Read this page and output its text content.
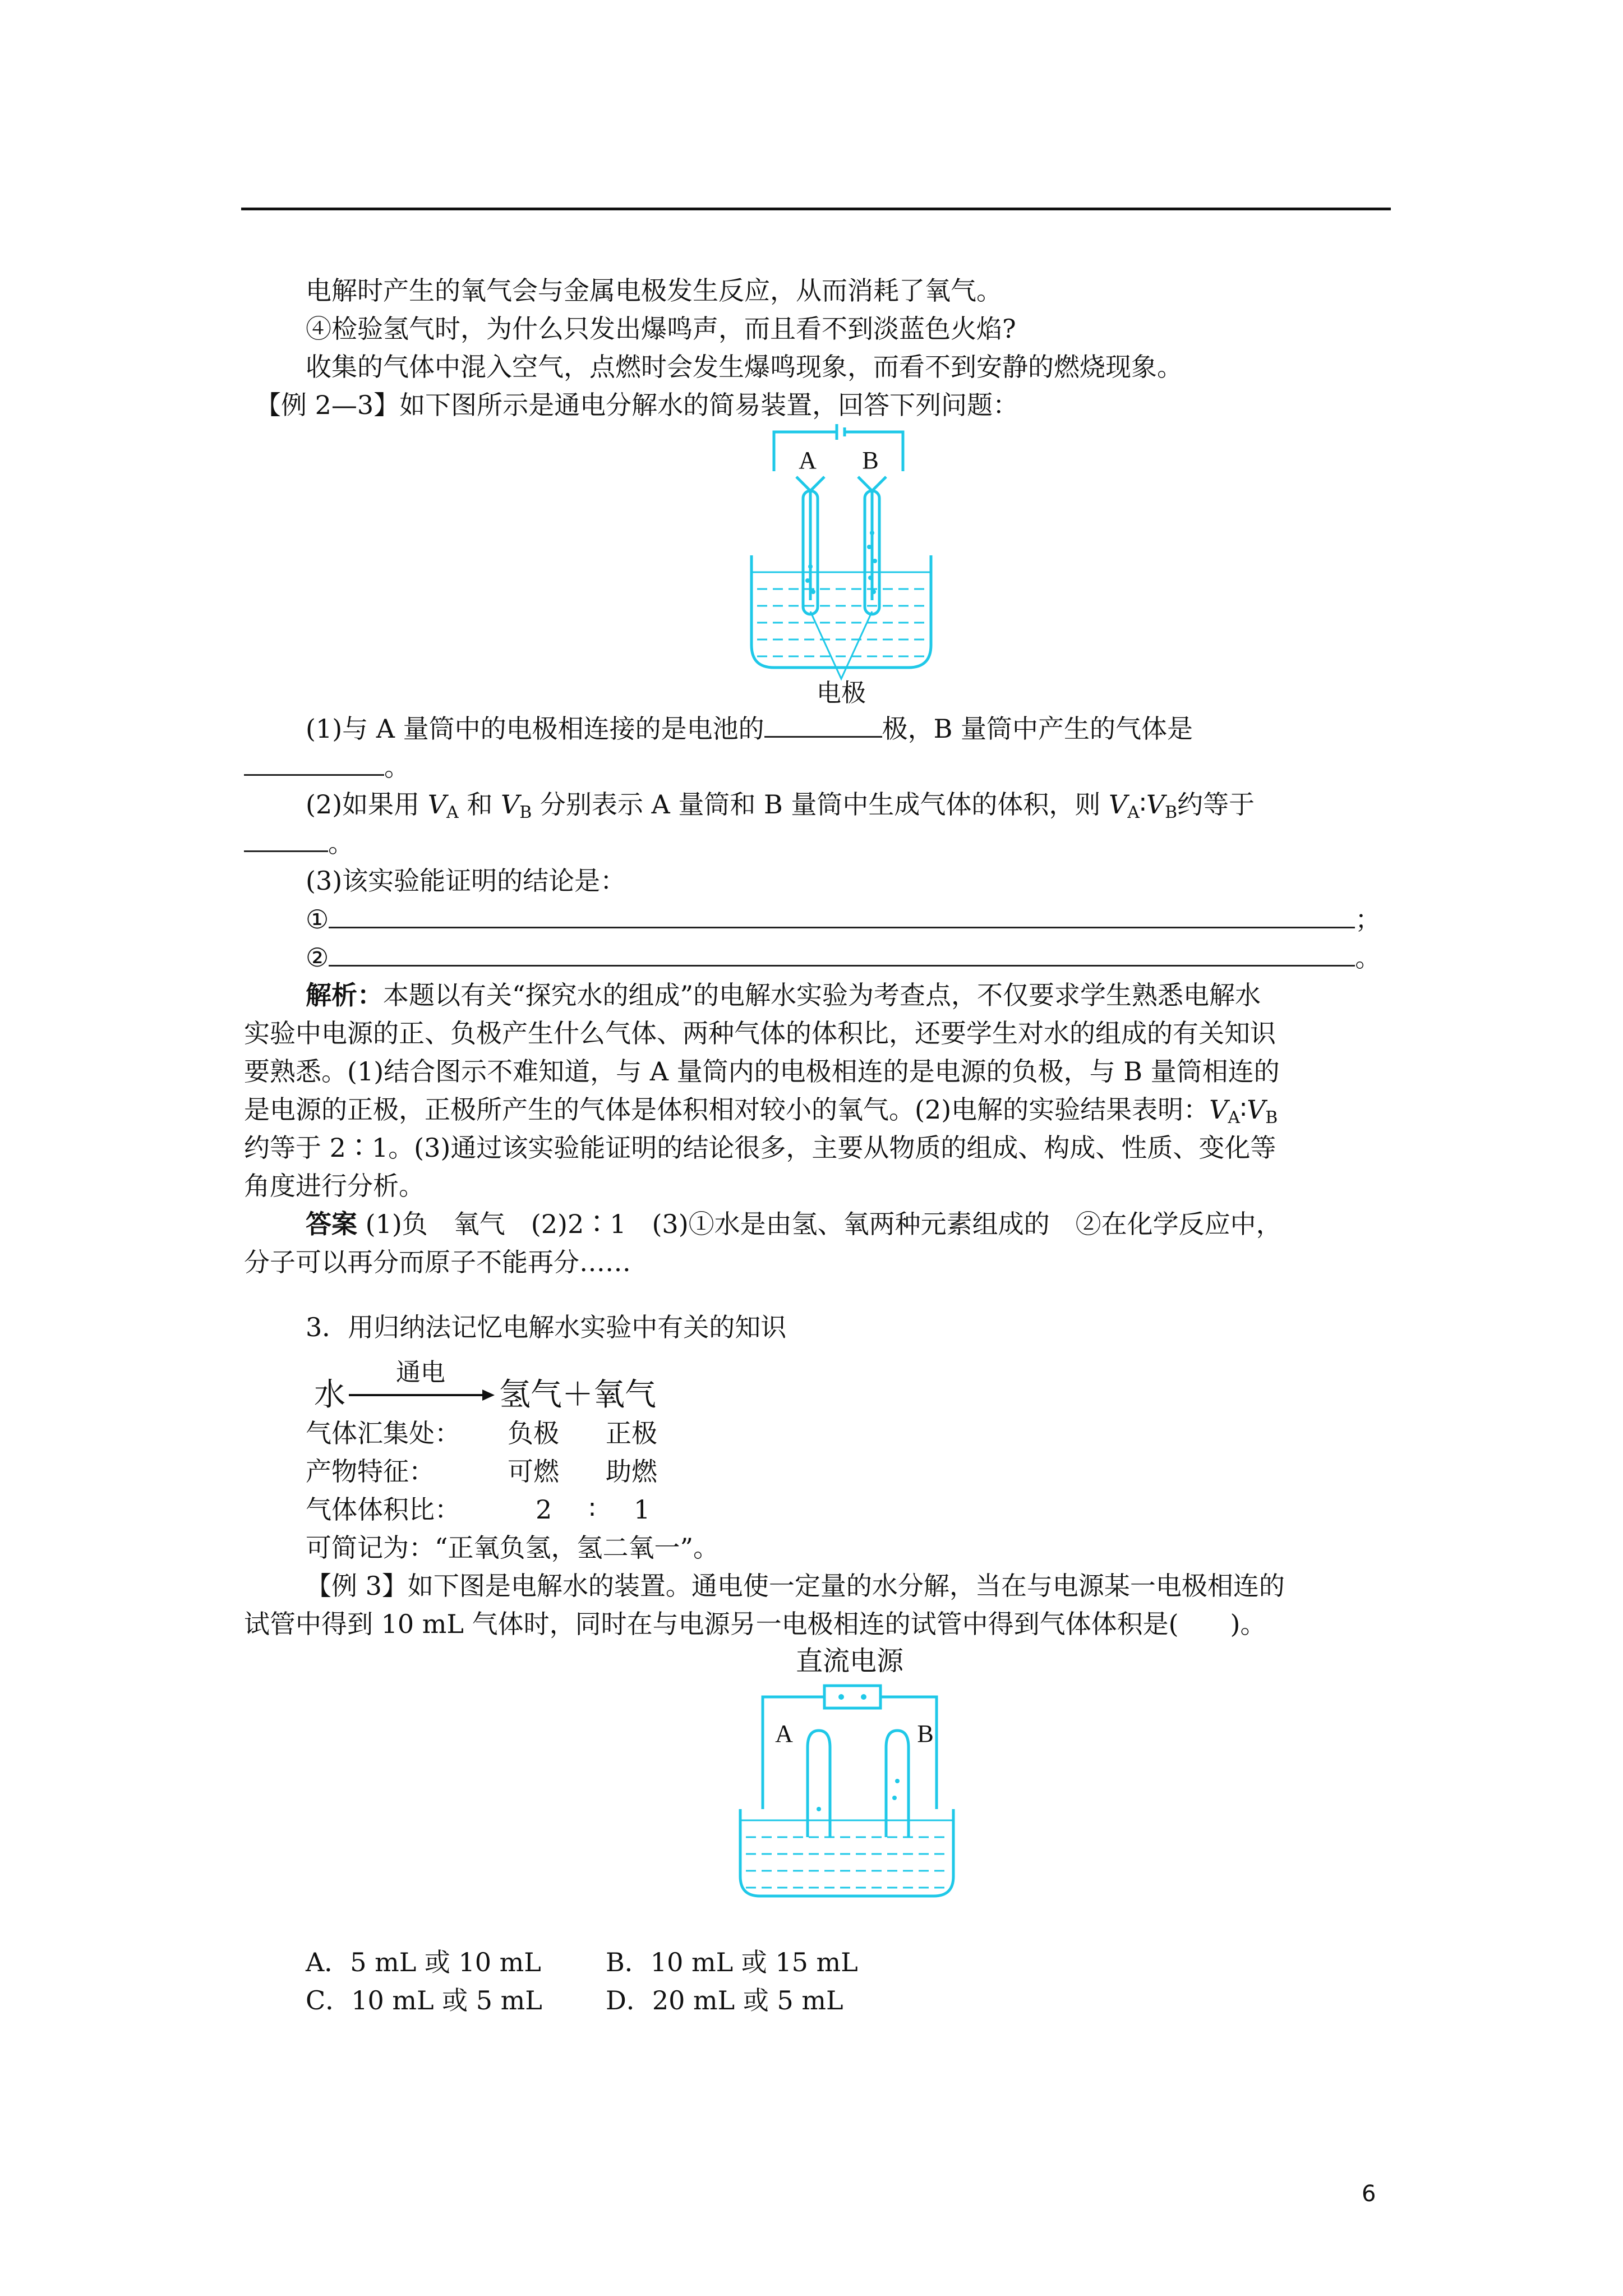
电解时产生的氧气会与金属电极发生反应，从而消耗了氧气。
④检验氢气时，为什么只发出爆鸣声，而且看不到淡蓝色火焰?
收集的气体中混入空气，点燃时会发生爆鸣现象，而看不到安静的燃烧现象。
【例 2—3】如下图所示是通电分解水的简易装置，回答下列问题：
A B
电极
(1)与 A 量筒中的电极相连接的是电池的	极，B 量筒中产生的气体是
。
(2)如果用 $V_A$ 和 $V_B$ 分别表示 A 量筒和 B 量筒中生成气体的体积，则 $V_A∶V_B$约等于
。
(3)该实验能证明的结论是：
①	；
②	。
解析：本题以有关“探究水的组成”的电解水实验为考查点，不仅要求学生熟悉电解水
实验中电源的正、负极产生什么气体、两种气体的体积比，还要学生对水的组成的有关知识
要熟悉。(1)结合图示不难知道，与 A 量筒内的电极相连的是电源的负极，与 B 量筒相连的
是电源的正极，正极所产生的气体是体积相对较小的氧气。(2)电解的实验结果表明：$V_A∶V_B$
约等于 2∶1。(3)通过该实验能证明的结论很多，主要从物质的组成、构成、性质、变化等
角度进行分析。
答案 (1)负　氧气　(2)2∶1　(3)①水是由氢、氧两种元素组成的　②在化学反应中，
分子可以再分而原子不能再分……
3．用归纳法记忆电解水实验中有关的知识
水
通电
氢气＋氧气
气体汇集处： 负极 正极
产物特征：	可燃 助燃
气体体积比：	2 ∶ 1
可简记为：“正氧负氢，氢二氧一”。
【例 3】如下图是电解水的装置。通电使一定量的水分解，当在与电源某一电极相连的
试管中得到 10 mL 气体时，同时在与电源另一电极相连的试管中得到气体体积是(　　)。
直流电源
A	B
A．5 mL 或 10 mL	B．10 mL 或 15 mL
C．10 mL 或 5 mL D．20 mL 或 5 mL
6
